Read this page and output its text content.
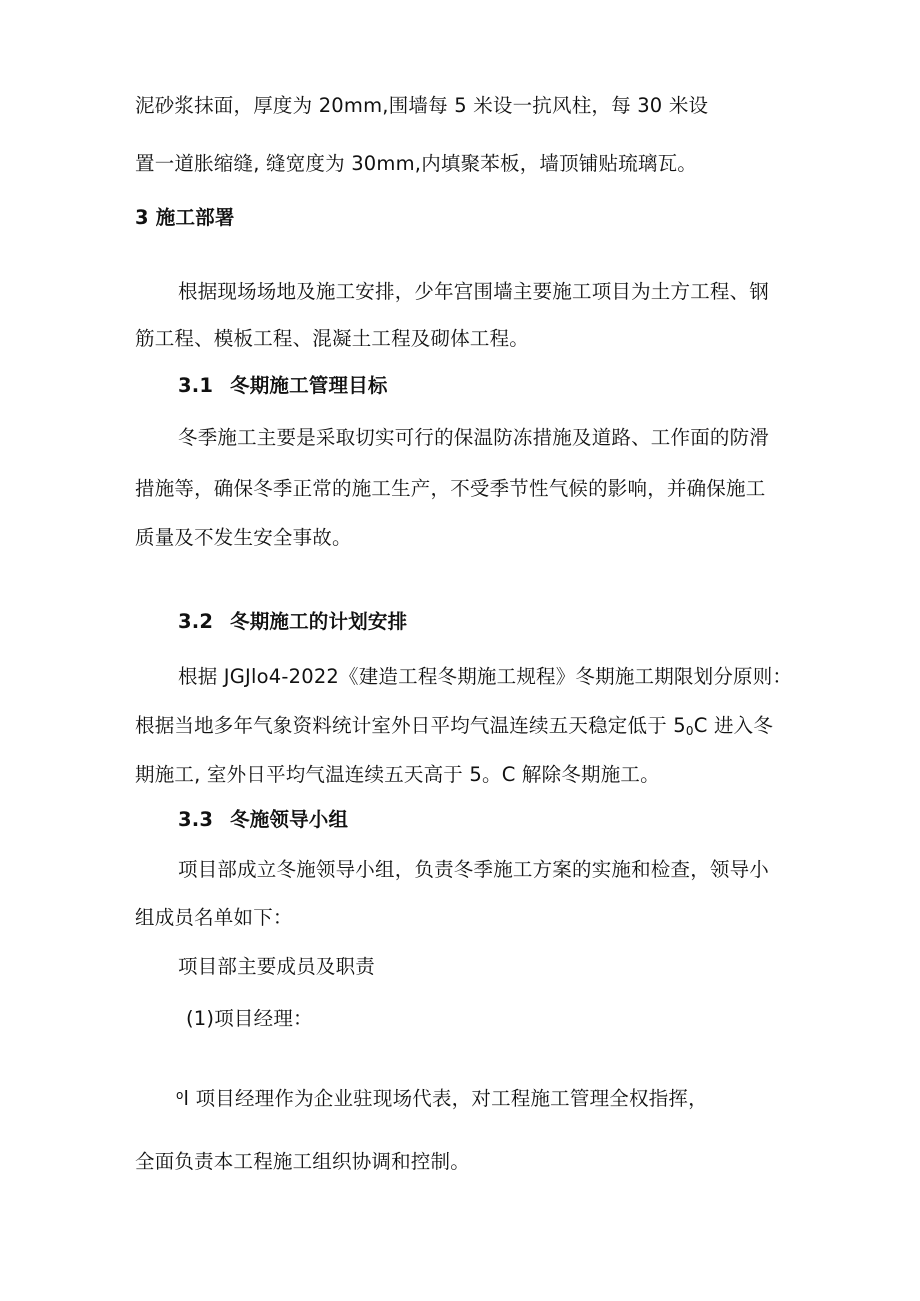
泥砂浆抹面，厚度为 20mm,围墙每 5 米设一抗风柱，每 30 米设
置一道胀缩缝, 缝宽度为 30mm,内填聚苯板，墙顶铺贴琉璃瓦。
3 施工部署
根据现场场地及施工安排，少年宫围墙主要施工项目为土方工程、钢
筋工程、模板工程、混凝土工程及砌体工程。
3.1 冬期施工管理目标
冬季施工主要是采取切实可行的保温防冻措施及道路、工作面的防滑
措施等，确保冬季正常的施工生产，不受季节性气候的影响，并确保施工
质量及不发生安全事故。
3.2 冬期施工的计划安排
根据 JGJlo4-2022《建造工程冬期施工规程》冬期施工期限划分原则：
根据当地多年气象资料统计室外日平均气温连续五天稳定低于 $5_0C$ 进入冬
期施工, 室外日平均气温连续五天高于 5。C 解除冬期施工。
3.3 冬施领导小组
项目部成立冬施领导小组，负责冬季施工方案的实施和检查，领导小
组成员名单如下：
项目部主要成员及职责
(1)项目经理：
$^o$l 项目经理作为企业驻现场代表，对工程施工管理全权指挥，
全面负责本工程施工组织协调和控制。
